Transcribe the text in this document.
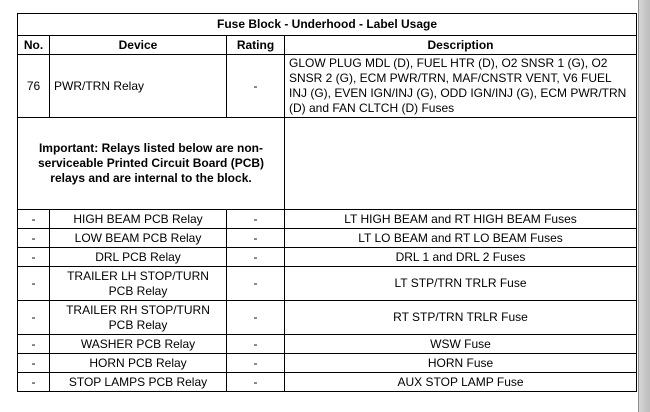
Fuse Block - Underhood - Label Usage			
No.	Device	Rating	Description
76	PWR/TRN Relay	-	GLOW PLUG MDL (D), FUEL HTR (D), O2 SNSR 1 (G), O2 SNSR 2 (G), ECM PWR/TRN, MAF/CNSTR VENT, V6 FUEL INJ (G), EVEN IGN/INJ (G), ODD IGN/INJ (G), ECM PWR/TRN (D) and FAN CLTCH (D) Fuses
Important: Relays listed below are non-serviceable Printed Circuit Board (PCB) relays and are internal to the block.			
-	HIGH BEAM PCB Relay	-	LT HIGH BEAM and RT HIGH BEAM Fuses
-	LOW BEAM PCB Relay	-	LT LO BEAM and RT LO BEAM Fuses
-	DRL PCB Relay	-	DRL 1 and DRL 2 Fuses
-	TRAILER LH STOP/TURN PCB Relay	-	LT STP/TRN TRLR Fuse
-	TRAILER RH STOP/TURN PCB Relay	-	RT STP/TRN TRLR Fuse
-	WASHER PCB Relay	-	WSW Fuse
-	HORN PCB Relay	-	HORN Fuse
-	STOP LAMPS PCB Relay	-	AUX STOP LAMP Fuse
